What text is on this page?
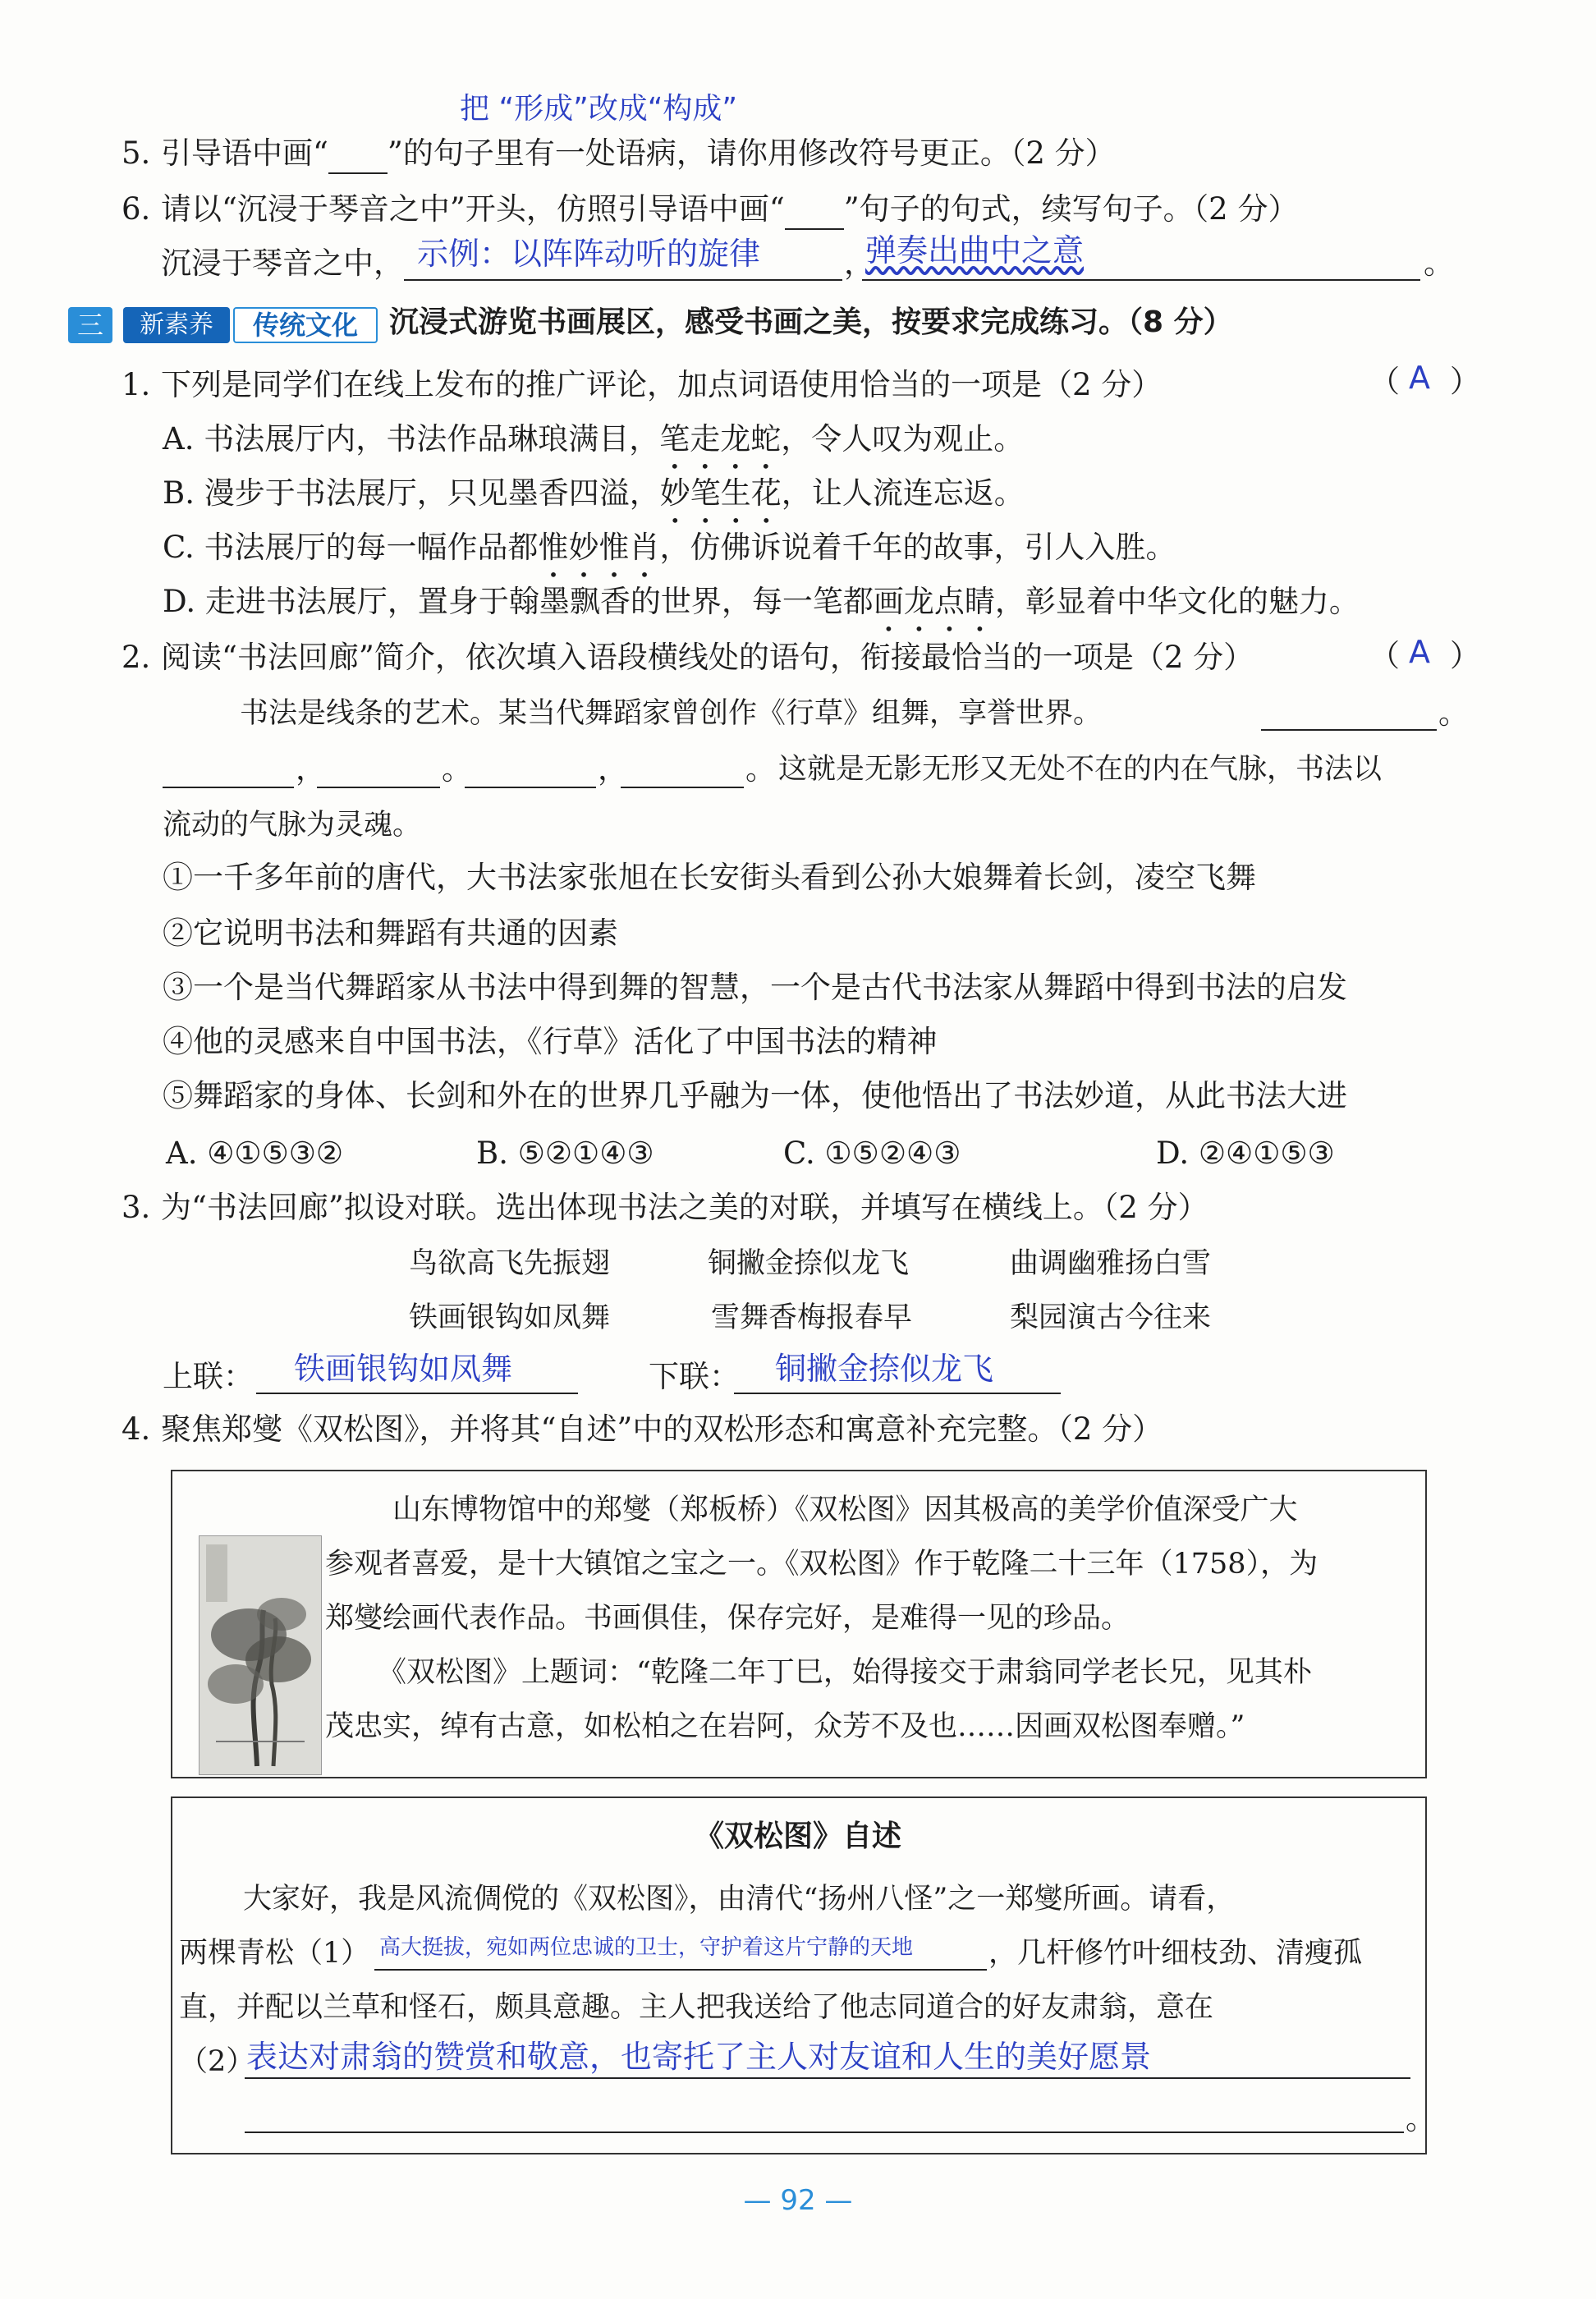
把 “形成”改成“构成”
5. 引导语中画“ ”的句子里有一处语病，请你用修改符号更正。（2 分）
6. 请以“沉浸于琴音之中”开头，仿照引导语中画“ ”句子的句式，续写句子。（2 分）
沉浸于琴音之中， 示例：以阵阵动听的旋律	，
弹奏出曲中之意	。
三	新素养	传统文化	沉浸式游览书画展区，感受书画之美，按要求完成练习。（8 分）
1. 下列是同学们在线上发布的推广评论，加点词语使用恰当的一项是（2 分）	（ A ）
A. 书法展厅内，书法作品琳琅满目，笔走龙蛇，令人叹为观止。
B. 漫步于书法展厅，只见墨香四溢，妙笔生花，让人流连忘返。
C. 书法展厅的每一幅作品都惟妙惟肖，仿佛诉说着千年的故事，引人入胜。
D. 走进书法展厅，置身于翰墨飘香的世界，每一笔都画龙点睛，彰显着中华文化的魅力。
2. 阅读“书法回廊”简介，依次填入语段横线处的语句，衔接最恰当的一项是（2 分）	（ A ）
书法是线条的艺术。某当代舞蹈家曾创作《行草》组舞，享誉世界。	。
，	。	，	。 这就是无影无形又无处不在的内在气脉，书法以
流动的气脉为灵魂。
①一千多年前的唐代，大书法家张旭在长安街头看到公孙大娘舞着长剑，凌空飞舞
②它说明书法和舞蹈有共通的因素
③一个是当代舞蹈家从书法中得到舞的智慧，一个是古代书法家从舞蹈中得到书法的启发
④他的灵感来自中国书法，《行草》活化了中国书法的精神
⑤舞蹈家的身体、长剑和外在的世界几乎融为一体，使他悟出了书法妙道，从此书法大进
A. ④①⑤③②	B. ⑤②①④③	C. ①⑤②④③	D. ②④①⑤③
3. 为“书法回廊”拟设对联。选出体现书法之美的对联，并填写在横线上。（2 分）
鸟欲高飞先振翅	铜撇金捺似龙飞	曲调幽雅扬白雪
铁画银钩如凤舞	雪舞香梅报春早	梨园演古今往来
上联： 铁画银钩如凤舞	下联： 铜撇金捺似龙飞
4. 聚焦郑燮《双松图》，并将其“自述”中的双松形态和寓意补充完整。（2 分）
山东博物馆中的郑燮（郑板桥）《双松图》因其极高的美学价值深受广大
参观者喜爱，是十大镇馆之宝之一。《双松图》作于乾隆二十三年（1758），为
郑燮绘画代表作品。书画俱佳，保存完好，是难得一见的珍品。
《双松图》上题词：“乾隆二年丁巳，始得接交于肃翁同学老长兄，见其朴
茂忠实，绰有古意，如松柏之在岩阿，众芳不及也……因画双松图奉赠。”
《双松图》自述
大家好，我是风流倜傥的《双松图》，由清代“扬州八怪”之一郑燮所画。请看，
两棵青松（1） 高大挺拔，宛如两位忠诚的卫士，守护着这片宁静的天地	，几杆修竹叶细枝劲、清瘦孤
直，并配以兰草和怪石，颇具意趣。主人把我送给了他志同道合的好友肃翁，意在
（2）
表达对肃翁的赞赏和敬意，也寄托了主人对友谊和人生的美好愿景
。
— 92 —
